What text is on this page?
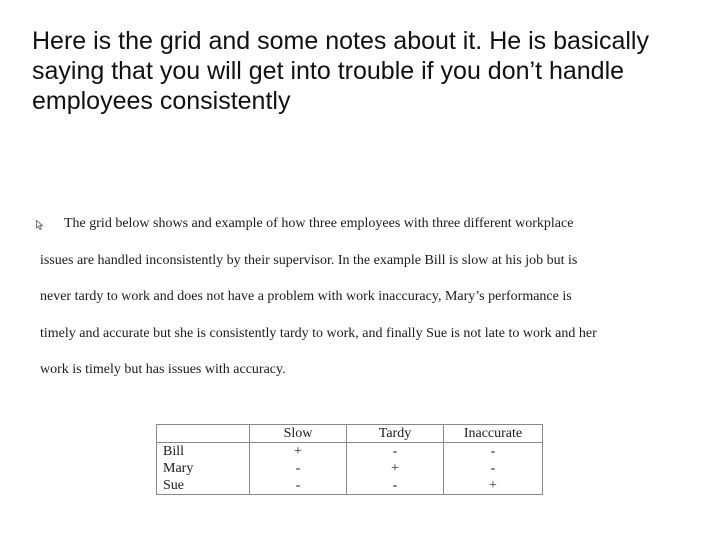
Here is the grid and some notes about it. He is basically saying that you will get into trouble if you don’t handle employees consistently

The grid below shows and example of how three employees with three different workplace
issues are handled inconsistently by their supervisor. In the example Bill is slow at his job but is
never tardy to work and does not have a problem with work inaccuracy, Mary’s performance is
timely and accurate but she is consistently tardy to work, and finally Sue is not late to work and her
work is timely but has issues with accuracy.

	Slow	Tardy	Inaccurate
Bill	+	-	-
Mary	-	+	-
Sue	-	-	+
